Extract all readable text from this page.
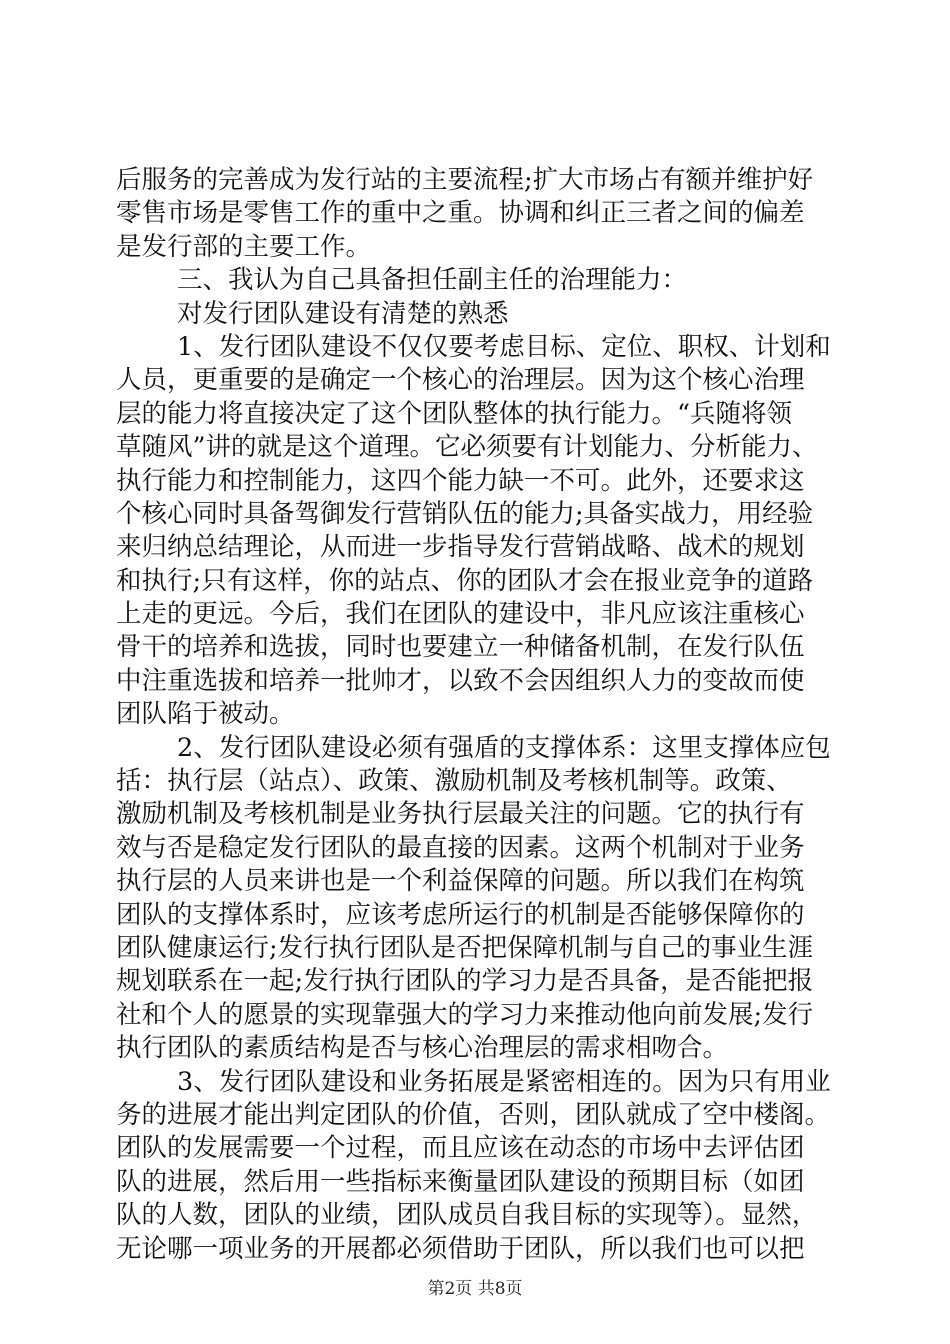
后服务的完善成为发行站的主要流程;扩大市场占有额并维护好
零售市场是零售工作的重中之重。协调和纠正三者之间的偏差
是发行部的主要工作。
三、我认为自己具备担任副主任的治理能力：
对发行团队建设有清楚的熟悉
1、发行团队建设不仅仅要考虑目标、定位、职权、计划和
人员，更重要的是确定一个核心的治理层。因为这个核心治理
层的能力将直接决定了这个团队整体的执行能力。“兵随将领
草随风”讲的就是这个道理。它必须要有计划能力、分析能力、
执行能力和控制能力，这四个能力缺一不可。此外，还要求这
个核心同时具备驾御发行营销队伍的能力;具备实战力，用经验
来归纳总结理论，从而进一步指导发行营销战略、战术的规划
和执行;只有这样，你的站点、你的团队才会在报业竞争的道路
上走的更远。今后，我们在团队的建设中，非凡应该注重核心
骨干的培养和选拔，同时也要建立一种储备机制，在发行队伍
中注重选拔和培养一批帅才，以致不会因组织人力的变故而使
团队陷于被动。
2、发行团队建设必须有强盾的支撑体系：这里支撑体应包
括：执行层（站点）、政策、激励机制及考核机制等。政策、
激励机制及考核机制是业务执行层最关注的问题。它的执行有
效与否是稳定发行团队的最直接的因素。这两个机制对于业务
执行层的人员来讲也是一个利益保障的问题。所以我们在构筑
团队的支撑体系时，应该考虑所运行的机制是否能够保障你的
团队健康运行;发行执行团队是否把保障机制与自己的事业生涯
规划联系在一起;发行执行团队的学习力是否具备，是否能把报
社和个人的愿景的实现靠强大的学习力来推动他向前发展;发行
执行团队的素质结构是否与核心治理层的需求相吻合。
3、发行团队建设和业务拓展是紧密相连的。因为只有用业
务的进展才能出判定团队的价值，否则，团队就成了空中楼阁。
团队的发展需要一个过程，而且应该在动态的市场中去评估团
队的进展，然后用一些指标来衡量团队建设的预期目标（如团
队的人数，团队的业绩，团队成员自我目标的实现等）。显然，
无论哪一项业务的开展都必须借助于团队，所以我们也可以把
第2页 共8页
